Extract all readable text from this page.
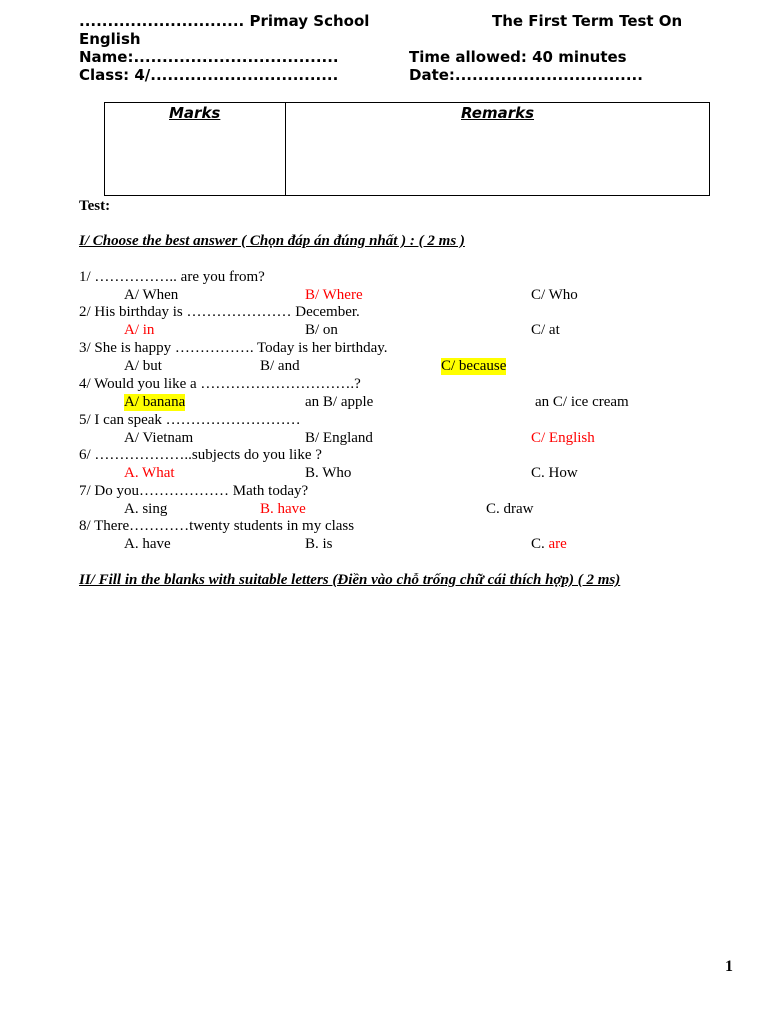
............................. Primay School	The First Term Test On
English
Name:....................................	Time allowed: 40 minutes
Class: 4/.................................	Date:.................................
Marks	Remarks
Test:
I/ Choose the best answer ( Chọn đáp án đúng nhất ) : ( 2 ms )
1/ …………….. are you from?
A/ When	B/ Where	C/ Who
2/ His birthday is ………………… December.
A/ in	B/ on	C/ at
3/ She is happy ……………. Today is her birthday.
A/ but	B/ and	C/ because
4/ Would you like a ………………………….?
A/ banana	an B/ apple	an C/ ice cream
5/ I can speak ………………………
A/ Vietnam	B/ England	C/ English
6/ ………………..subjects do you like ?
A. What	B. Who	C. How
7/ Do you……………… Math today?
A. sing	B. have	C. draw
8/ There…………twenty students in my class
A. have	B. is	C. are
II/ Fill in the blanks with suitable letters (Điền vào chỗ trống chữ cái thích hợp) ( 2 ms)
1
